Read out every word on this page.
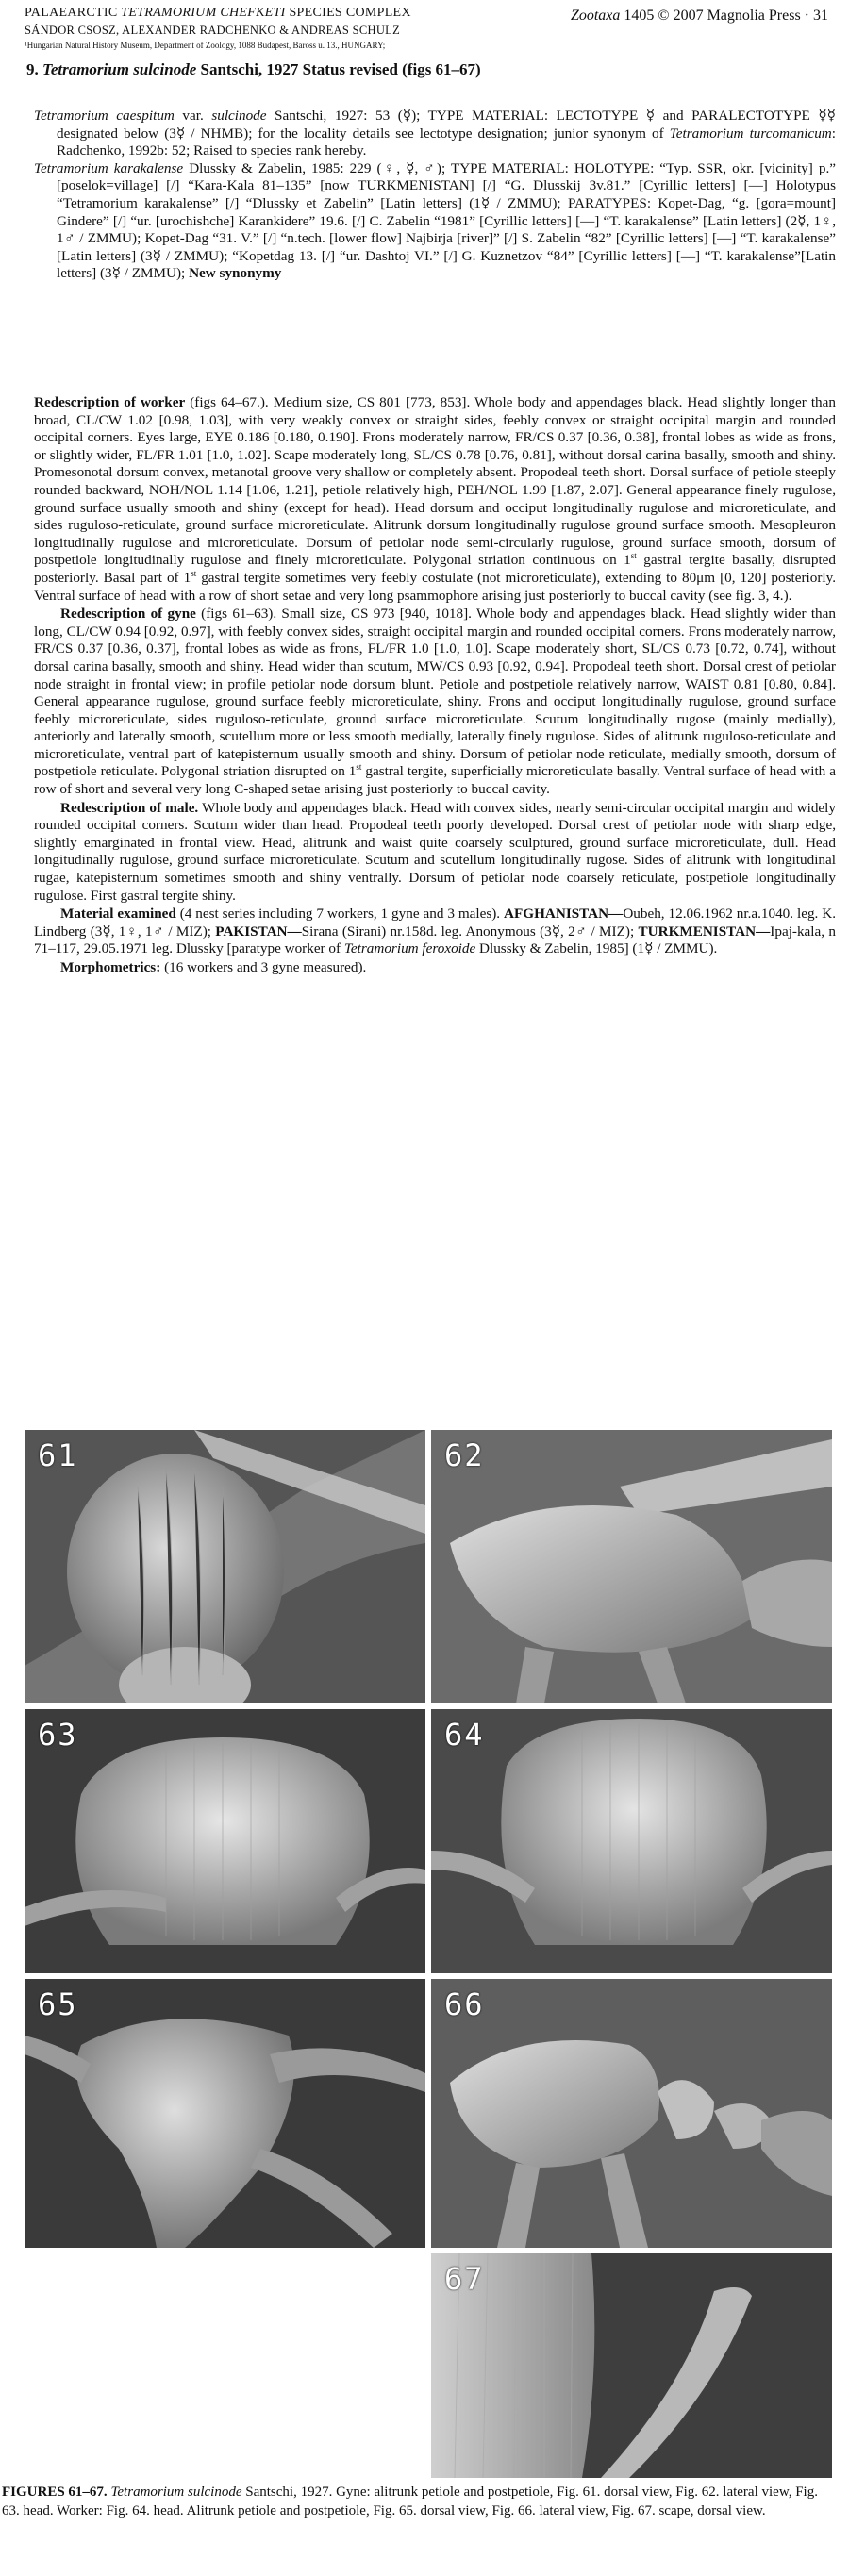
PALAEARCTIC TETRAMORIUM CHEFKETI SPECIES COMPLEX
SÁNDOR CSOSZ, ALEXANDER RADCHENKO & ANDREAS SCHULZ
¹Hungarian Natural History Museum, Department of Zoology, 1088 Budapest, Baross u. 13., HUNGARY;
Zootaxa 1405 © 2007 Magnolia Press · 31
9. Tetramorium sulcinode Santschi, 1927 Status revised (figs 61–67)

Tetramorium caespitum var. sulcinode Santschi, 1927: 53 (☿); TYPE MATERIAL: LECTOTYPE ☿ and PARALECTOTYPE ☿☿ designated below (3☿ / NHMB); for the locality details see lectotype designation; junior synonym of Tetramorium turcomanicum: Radchenko, 1992b: 52; Raised to species rank hereby.

Tetramorium karakalense Dlussky & Zabelin, 1985: 229 (♀, ☿, ♂); TYPE MATERIAL: HOLOTYPE: “Typ. SSR, okr. [vicinity] p.” [poselok=village] [/] “Kara-Kala 81–135” [now TURKMENISTAN] [/] “G. Dlusskij 3v.81.” [Cyrillic letters] [—] Holotypus “Tetramorium karakalense” [/] “Dlussky et Zabelin” [Latin letters] (1☿ / ZMMU); PARATYPES: Kopet-Dag, “g. [gora=mount] Gindere” [/] “ur. [urochishche] Karankidere” 19.6. [/] C. Zabelin “1981” [Cyrillic letters] [—] “T. karakalense” [Latin letters] (2☿, 1♀, 1♂ / ZMMU); Kopet-Dag “31. V.” [/] “n.tech. [lower flow] Najbirja [river]” [/] S. Zabelin “82” [Cyrillic letters] [—] “T. karakalense” [Latin letters] (3☿ / ZMMU); “Kopetdag 13. [/] “ur. Dashtoj VI.” [/] G. Kuznetzov “84” [Cyrillic letters] [—] “T. karakalense”[Latin letters] (3☿ / ZMMU); New synonymy

Redescription of worker (figs 64–67.). Medium size, CS 801 [773, 853]. Whole body and appendages black. Head slightly longer than broad, CL/CW 1.02 [0.98, 1.03], with very weakly convex or straight sides, feebly convex or straight occipital margin and rounded occipital corners. Eyes large, EYE 0.186 [0.180, 0.190]. Frons moderately narrow, FR/CS 0.37 [0.36, 0.38], frontal lobes as wide as frons, or slightly wider, FL/FR 1.01 [1.0, 1.02]. Scape moderately long, SL/CS 0.78 [0.76, 0.81], without dorsal carina basally, smooth and shiny. Promesonotal dorsum convex, metanotal groove very shallow or completely absent. Propodeal teeth short. Dorsal surface of petiole steeply rounded backward, NOH/NOL 1.14 [1.06, 1.21], petiole relatively high, PEH/NOL 1.99 [1.87, 2.07]. General appearance finely rugulose, ground surface usually smooth and shiny (except for head). Head dorsum and occiput longitudinally rugulose and microreticulate, and sides ruguloso-reticulate, ground surface microreticulate. Alitrunk dorsum longitudinally rugulose ground surface smooth. Mesopleuron longitudinally rugulose and microreticulate. Dorsum of petiolar node semi-circularly rugulose, ground surface smooth, dorsum of postpetiole longitudinally rugulose and finely microreticulate. Polygonal striation continuous on 1st gastral tergite basally, disrupted posteriorly. Basal part of 1st gastral tergite sometimes very feebly costulate (not microreticulate), extending to 80μm [0, 120] posteriorly. Ventral surface of head with a row of short setae and very long psammophore arising just posteriorly to buccal cavity (see fig. 3, 4.).

Redescription of gyne (figs 61–63). Small size, CS 973 [940, 1018]. Whole body and appendages black. Head slightly wider than long, CL/CW 0.94 [0.92, 0.97], with feebly convex sides, straight occipital margin and rounded occipital corners. Frons moderately narrow, FR/CS 0.37 [0.36, 0.37], frontal lobes as wide as frons, FL/FR 1.0 [1.0, 1.0]. Scape moderately short, SL/CS 0.73 [0.72, 0.74], without dorsal carina basally, smooth and shiny. Head wider than scutum, MW/CS 0.93 [0.92, 0.94]. Propodeal teeth short. Dorsal crest of petiolar node straight in frontal view; in profile petiolar node dorsum blunt. Petiole and postpetiole relatively narrow, WAIST 0.81 [0.80, 0.84]. General appearance rugulose, ground surface feebly microreticulate, shiny. Frons and occiput longitudinally rugulose, ground surface feebly microreticulate, sides ruguloso-reticulate, ground surface microreticulate. Scutum longitudinally rugose (mainly medially), anteriorly and laterally smooth, scutellum more or less smooth medially, laterally finely rugulose. Sides of alitrunk ruguloso-reticulate and microreticulate, ventral part of katepisternum usually smooth and shiny. Dorsum of petiolar node reticulate, medially smooth, dorsum of postpetiole reticulate. Polygonal striation disrupted on 1st gastral tergite, superficially microreticulate basally. Ventral surface of head with a row of short and several very long C-shaped setae arising just posteriorly to buccal cavity.

Redescription of male. Whole body and appendages black. Head with convex sides, nearly semi-circular occipital margin and widely rounded occipital corners. Scutum wider than head. Propodeal teeth poorly developed. Dorsal crest of petiolar node with sharp edge, slightly emarginated in frontal view. Head, alitrunk and waist quite coarsely sculptured, ground surface microreticulate, dull. Head longitudinally rugulose, ground surface microreticulate. Scutum and scutellum longitudinally rugose. Sides of alitrunk with longitudinal rugae, katepisternum sometimes smooth and shiny ventrally. Dorsum of petiolar node coarsely reticulate, postpetiole longitudinally rugulose. First gastral tergite shiny.

Material examined (4 nest series including 7 workers, 1 gyne and 3 males). AFGHANISTAN—Oubeh, 12.06.1962 nr.a.1040. leg. K. Lindberg (3☿, 1♀, 1♂ / MIZ); PAKISTAN—Sirana (Sirani) nr.158d. leg. Anonymous (3☿, 2♂ / MIZ); TURKMENISTAN—Ipaj-kala, n 71–117, 29.05.1971 leg. Dlussky [paratype worker of Tetramorium feroxoide Dlussky & Zabelin, 1985] (1☿ / ZMMU).

Morphometrics: (16 workers and 3 gyne measured).

61	62
63	64
65	66
67
FIGURES 61–67. Tetramorium sulcinode Santschi, 1927. Gyne: alitrunk petiole and postpetiole, Fig. 61. dorsal view, Fig. 62. lateral view, Fig. 63. head. Worker: Fig. 64. head. Alitrunk petiole and postpetiole, Fig. 65. dorsal view, Fig. 66. lateral view, Fig. 67. scape, dorsal view.
